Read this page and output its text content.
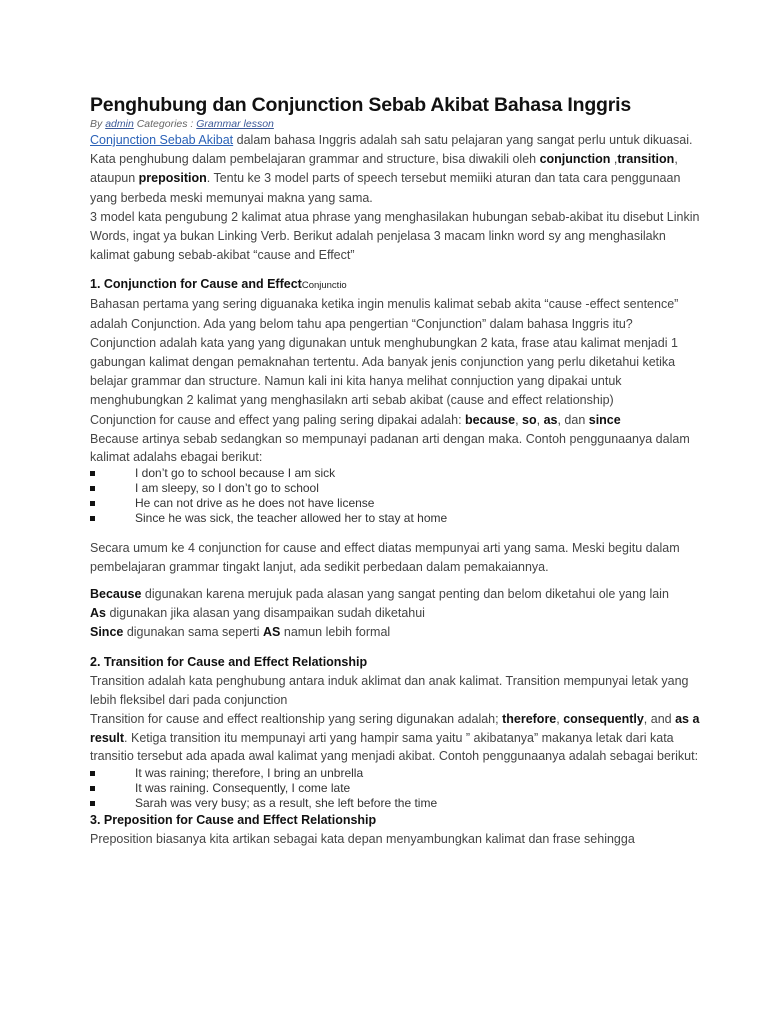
Penghubung dan Conjunction Sebab Akibat Bahasa Inggris
By admin Categories : Grammar lesson

Conjunction Sebab Akibat dalam bahasa Inggris adalah sah satu pelajaran yang sangat perlu untuk dikuasai. Kata penghubung dalam pembelajaran grammar and structure, bisa diwakili oleh conjunction ,transition, ataupun preposition. Tentu ke 3 model parts of speech tersebut memiiki aturan dan tata cara penggunaan yang berbeda meski memunyai makna yang sama.

3 model kata pengubung 2 kalimat atua phrase yang menghasilakan hubungan sebab-akibat itu disebut Linkin Words, ingat ya bukan Linking Verb. Berikut adalah penjelasa 3 macam linkn word sy ang menghasilakn kalimat gabung sebab-akibat “cause and Effect”

1. Conjunction for Cause and EffectConjunctio

Bahasan pertama yang sering diguanaka ketika ingin menulis kalimat sebab akita “cause -effect sentence” adalah Conjunction. Ada yang belom tahu apa pengertian “Conjunction” dalam bahasa Inggris itu?

Conjunction adalah kata yang yang digunakan untuk menghubungkan 2 kata, frase atau kalimat menjadi 1 gabungan kalimat dengan pemaknahan tertentu. Ada banyak jenis conjunction yang perlu diketahui ketika belajar grammar dan structure. Namun kali ini kita hanya melihat connjuction yang dipakai untuk menghubungkan 2 kalimat yang menghasilakn arti sebab akibat (cause and effect relationship)

Conjunction for cause and effect yang paling sering dipakai adalah: because, so, as, dan since

Because artinya sebab sedangkan so mempunayi padanan arti dengan maka. Contoh penggunaanya dalam kalimat adalahs ebagai berikut:

I don’t go to school because I am sick
I am sleepy, so I don’t go to school
He can not drive as he does not have license
Since he was sick, the teacher allowed her to stay at home

Secara umum ke 4 conjunction for cause and effect diatas mempunyai arti yang sama. Meski begitu dalam pembelajaran grammar tingakt lanjut, ada sedikit perbedaan dalam pemakaiannya.

Because digunakan karena merujuk pada alasan yang sangat penting dan belom diketahui ole yang lain

As digunakan jika alasan yang disampaikan sudah diketahui

Since digunakan sama seperti AS namun lebih formal

2. Transition for Cause and Effect Relationship

Transition adalah kata penghubung antara induk aklimat dan anak kalimat. Transition mempunyai letak yang lebih fleksibel dari pada conjunction

Transition for cause and effect realtionship yang sering digunakan adalah; therefore, consequently, and as a result. Ketiga transition itu mempunayi arti yang hampir sama yaitu ” akibatanya” makanya letak dari kata transitio tersebut ada apada awal kalimat yang menjadi akibat. Contoh penggunaanya adalah sebagai berikut:

It was raining; therefore, I bring an unbrella
It was raining. Consequently, I come late
Sarah was very busy; as a result, she left before the time
3. Preposition for Cause and Effect Relationship

Preposition biasanya kita artikan sebagai kata depan menyambungkan kalimat dan frase sehingga
